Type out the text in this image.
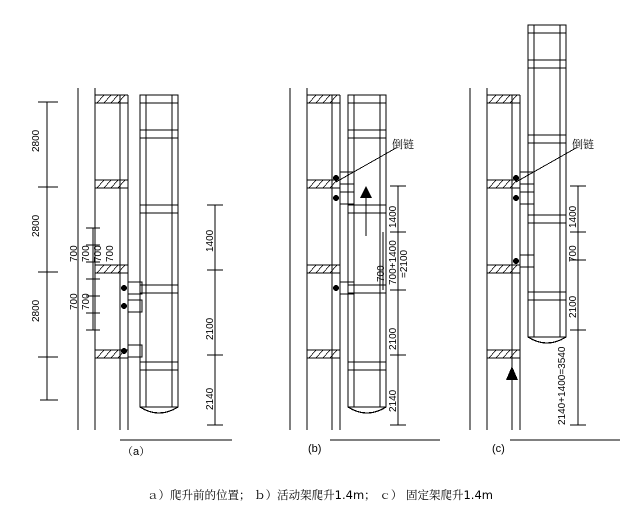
2800
2800
2800
700 700 700 700
700 700
1400
2100
2140
（a）
倒链
1400
700+1400 =2100
2100
2140
700
(b)
倒链
1400
700
2100
2140+1400=3540
(c)
ａ）爬升前的位置； ｂ）活动架爬升1.4m； ｃ） 固定架爬升1.4m
